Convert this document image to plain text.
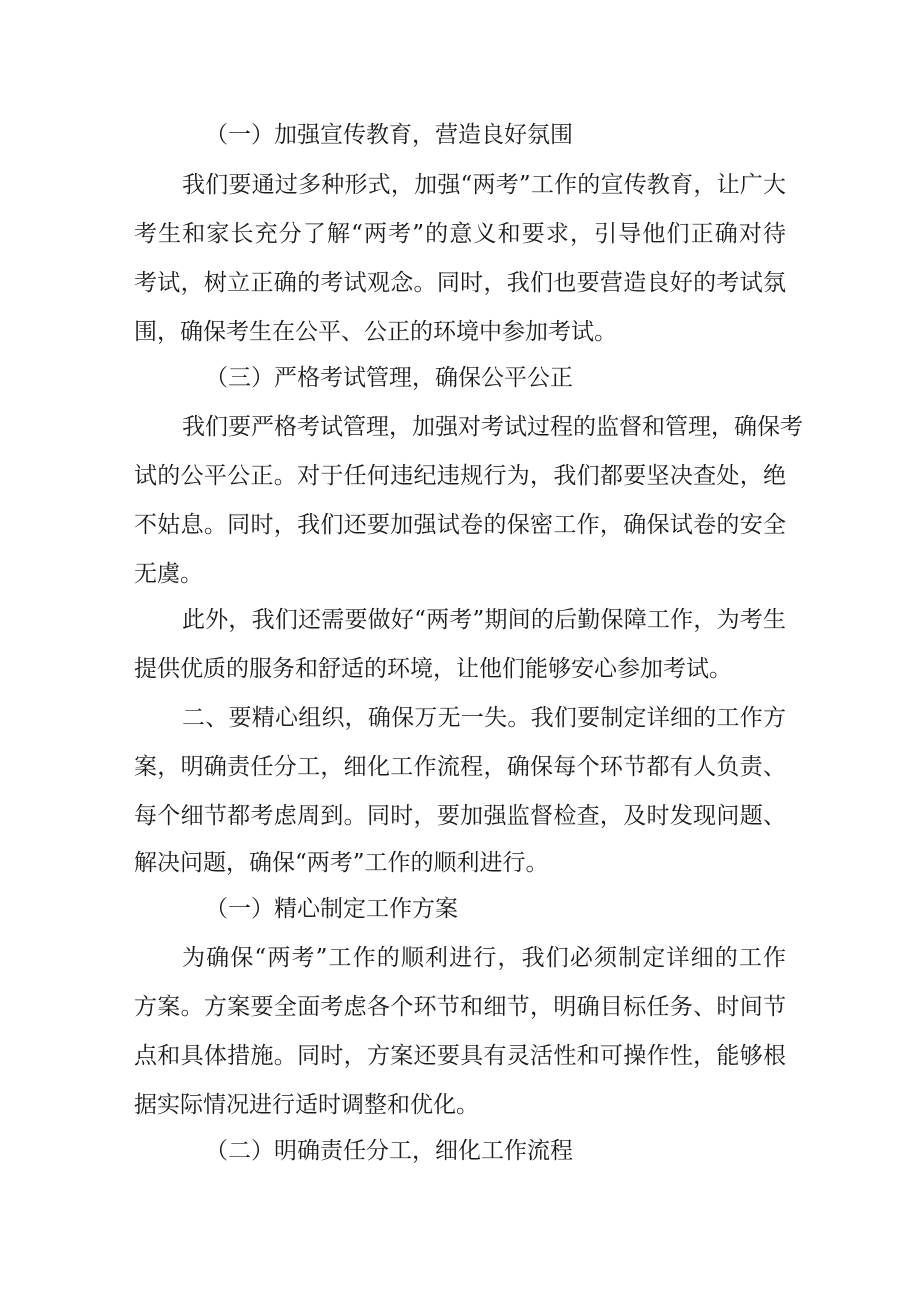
（一）加强宣传教育，营造良好氛围

我们要通过多种形式，加强“两考”工作的宣传教育，让广大

考生和家长充分了解“两考”的意义和要求，引导他们正确对待

考试，树立正确的考试观念。同时，我们也要营造良好的考试氛

围，确保考生在公平、公正的环境中参加考试。

（三）严格考试管理，确保公平公正

我们要严格考试管理，加强对考试过程的监督和管理，确保考

试的公平公正。对于任何违纪违规行为，我们都要坚决查处，绝

不姑息。同时，我们还要加强试卷的保密工作，确保试卷的安全

无虞。

此外，我们还需要做好“两考”期间的后勤保障工作，为考生

提供优质的服务和舒适的环境，让他们能够安心参加考试。

二、要精心组织，确保万无一失。我们要制定详细的工作方

案，明确责任分工，细化工作流程，确保每个环节都有人负责、

每个细节都考虑周到。同时，要加强监督检查，及时发现问题、

解决问题，确保“两考”工作的顺利进行。

（一）精心制定工作方案

为确保“两考”工作的顺利进行，我们必须制定详细的工作

方案。方案要全面考虑各个环节和细节，明确目标任务、时间节

点和具体措施。同时，方案还要具有灵活性和可操作性，能够根

据实际情况进行适时调整和优化。

（二）明确责任分工，细化工作流程
